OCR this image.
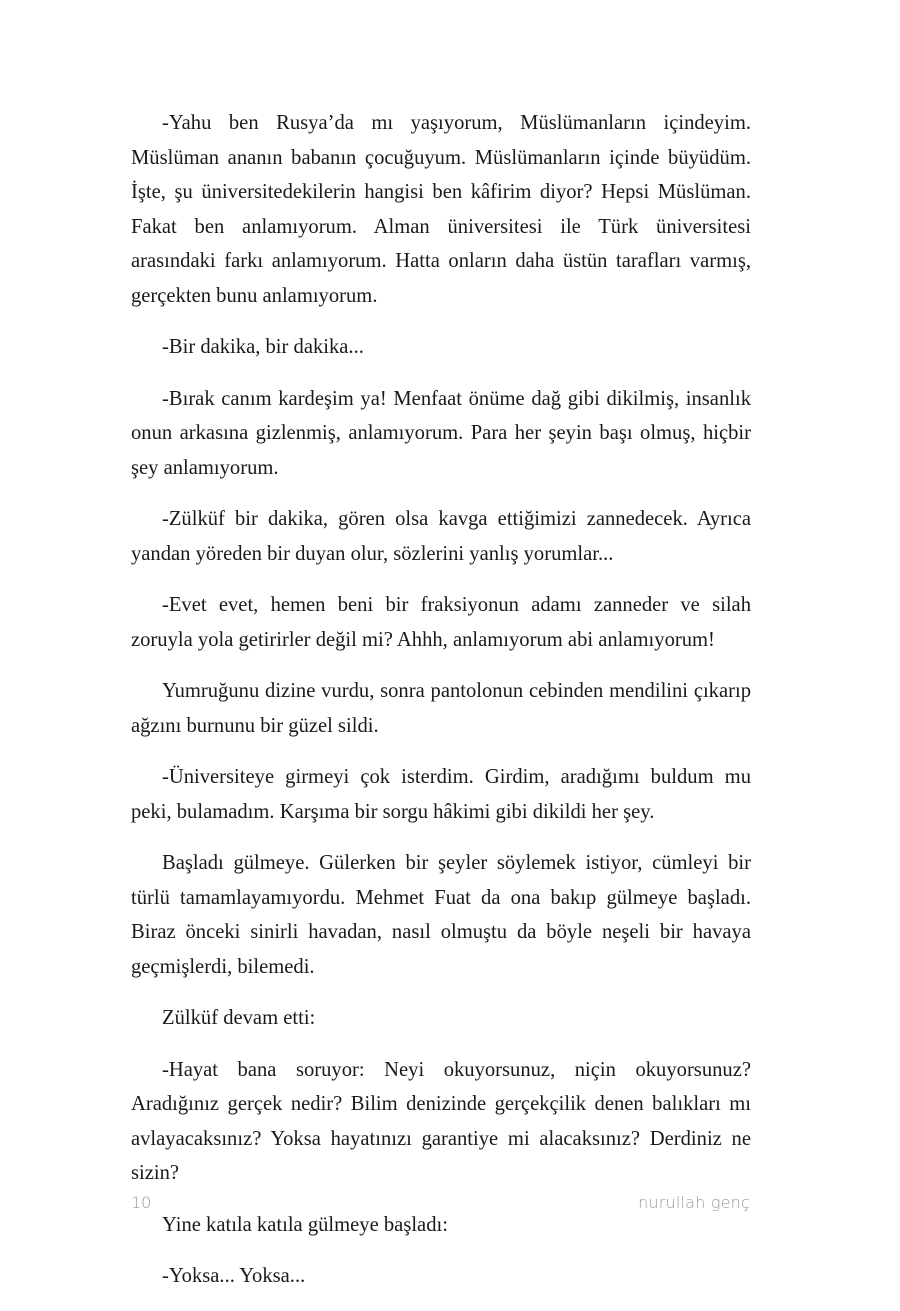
-Yahu ben Rusya’da mı yaşıyorum, Müslümanların içindeyim. Müslüman ananın babanın çocuğuyum. Müslümanların içinde büyüdüm. İşte, şu üniversitedekilerin hangisi ben kâfirim diyor? Hepsi Müslüman. Fakat ben anlamıyorum. Alman üniversitesi ile Türk üniversitesi arasındaki farkı anlamıyorum. Hatta onların daha üstün tarafları varmış, gerçekten bunu anlamıyorum.

-Bir dakika, bir dakika...

-Bırak canım kardeşim ya! Menfaat önüme dağ gibi dikilmiş, insanlık onun arkasına gizlenmiş, anlamıyorum. Para her şeyin başı olmuş, hiçbir şey anlamıyorum.

-Zülküf bir dakika, gören olsa kavga ettiğimizi zannedecek. Ayrıca yandan yöreden bir duyan olur, sözlerini yanlış yorumlar...

-Evet evet, hemen beni bir fraksiyonun adamı zanneder ve silah zoruyla yola getirirler değil mi? Ahhh, anlamıyorum abi anlamıyorum!

Yumruğunu dizine vurdu, sonra pantolonun cebinden mendilini çıkarıp ağzını burnunu bir güzel sildi.

-Üniversiteye girmeyi çok isterdim. Girdim, aradığımı buldum mu peki, bulamadım. Karşıma bir sorgu hâkimi gibi dikildi her şey.

Başladı gülmeye. Gülerken bir şeyler söylemek istiyor, cümleyi bir türlü tamamlayamıyordu. Mehmet Fuat da ona bakıp gülmeye başladı. Biraz önceki sinirli havadan, nasıl olmuştu da böyle neşeli bir havaya geçmişlerdi, bilemedi.

Zülküf devam etti:

-Hayat bana soruyor: Neyi okuyorsunuz, niçin okuyorsunuz? Aradığınız gerçek nedir? Bilim denizinde gerçekçilik denen balıkları mı avlayacaksınız? Yoksa hayatınızı garantiye mi alacaksınız? Derdiniz ne sizin?

Yine katıla katıla gülmeye başladı:

-Yoksa... Yoksa...

10	nurullah genç
